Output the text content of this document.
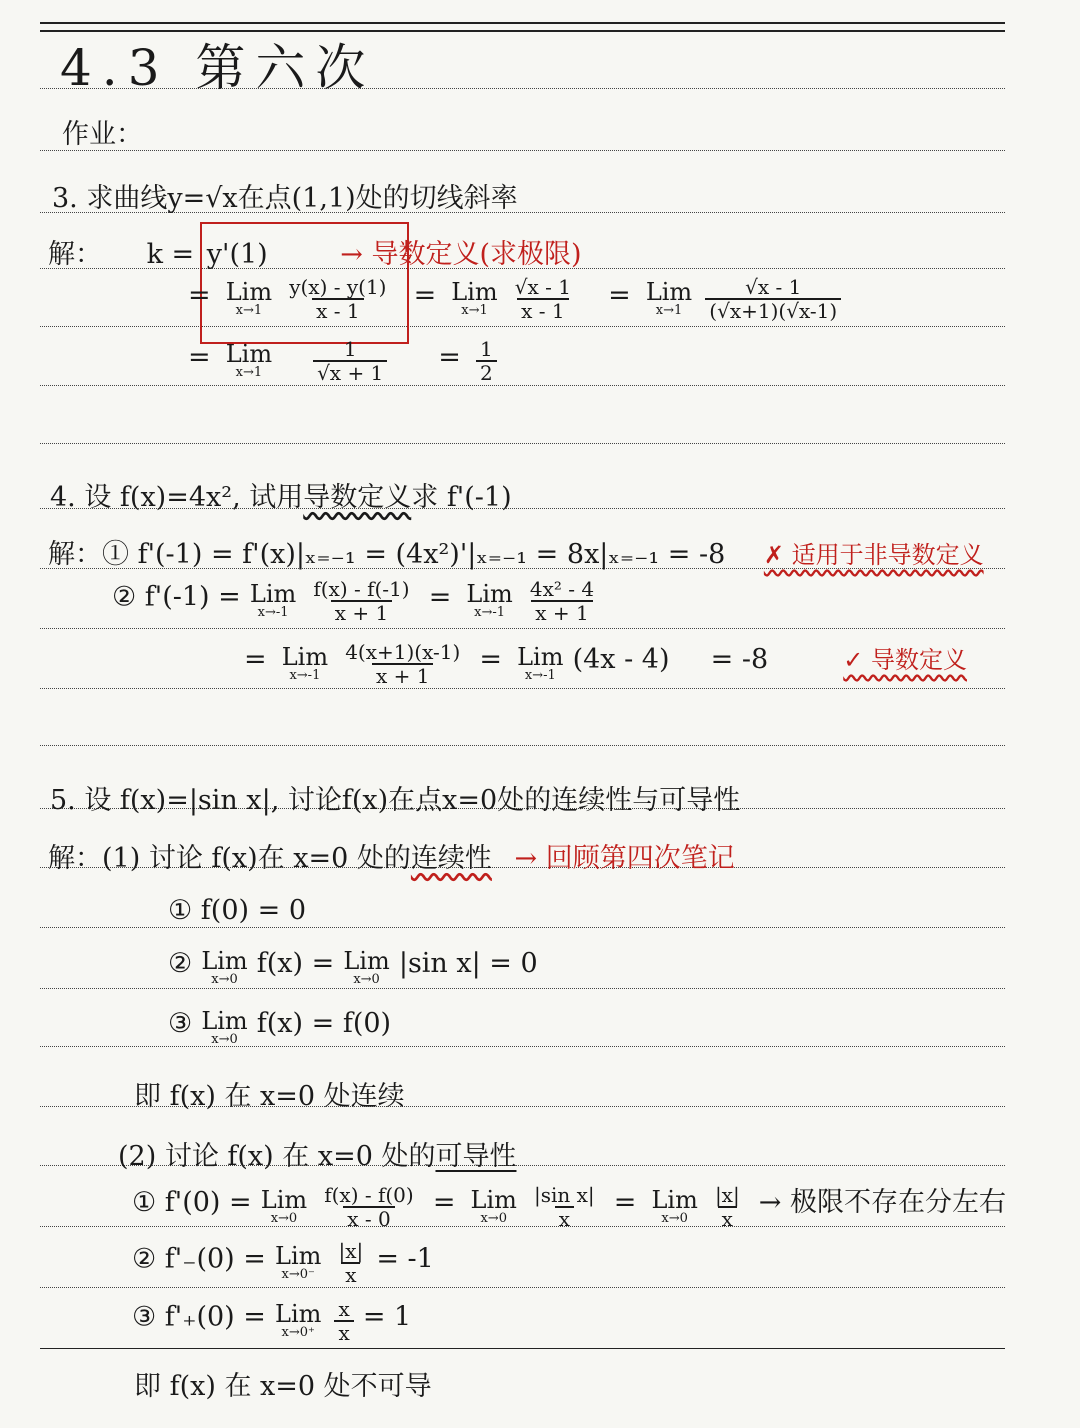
4.3 第六次
作业：
3. 求曲线y=√x在点(1,1)处的切线斜率
解： k = y'(1)	→ 导数定义(求极限)
= Lim
x→1
$\frac{y(x) - y(1)}{x - 1}$ = Lim
x→1
$\frac{√x - 1}{x - 1}$ = Lim
x→1
$\frac{√x - 1}{(√x+1)(√x-1)}$
= Lim
x→1
$\frac{1}{√x + 1} = \frac{1}{2}$
4. 设 f(x)=4x², 试用导数定义求 f'(-1)
解：① f'(-1) = f'(x)|ₓ₌₋₁ = (4x²)'|ₓ₌₋₁ = 8x|ₓ₌₋₁ = -8 ✗ 适用于非导数定义
② f'(-1) = Lim
x→-1
$\frac{f(x) - f(-1)}{x + 1}$ = Lim
x→-1
$\frac{\text{4x² - 4}}{x + 1}$
= Lim
x→-1
$\frac{4(x+1)(x-1)}{x + 1}$ = Lim
x→-1 (4x - 4) = -8	✓ 导数定义
5. 设 f(x)=|sin x|, 讨论f(x)在点x=0处的连续性与可导性
解：(1) 讨论 f(x)在 x=0 处的连续性 → 回顾第四次笔记
① f(0) = 0
② Lim
x→0 f(x) = Lim
x→0 |sin x| = 0
③ Lim
x→0 f(x) = f(0)
即 f(x) 在 x=0 处连续
(2) 讨论 f(x) 在 x=0 处的可导性
① f'(0) = Lim
x→0
$\frac{f(x) - f(0)}{x - 0}$ = Lim
x→0
$\frac{\text{|sin x|}}{x}$ = Lim
x→0
$\frac{|x|}{x}$ → 极限不存在分左右
② f'₋(0) = Lim
x→0⁻
$\frac{|x|}{x} = -1$
③ f'₊(0) = Lim
x→0⁺
$\frac{x}{x} = 1$
即 f(x) 在 x=0 处不可导
